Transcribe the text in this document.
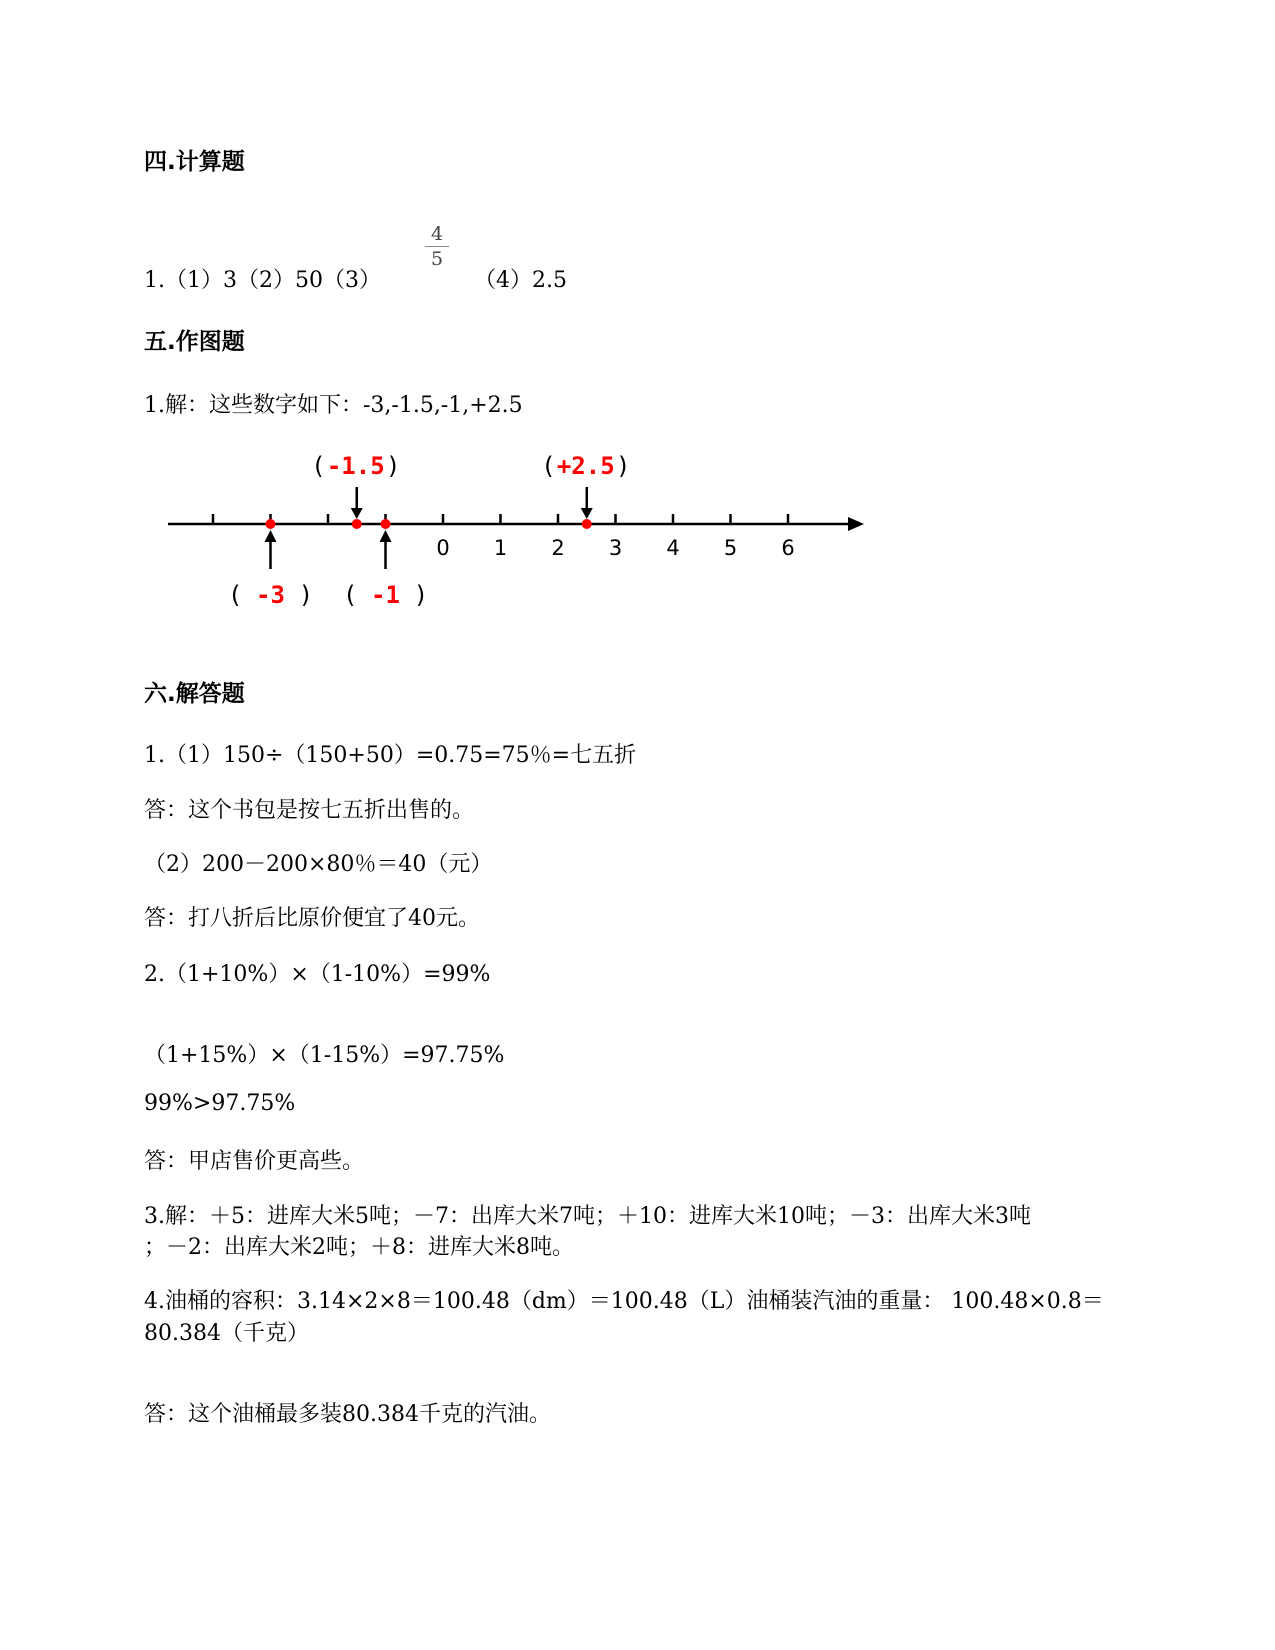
四.计算题
1.（1）3（2）50（3）
$\frac{4}{5}$
（4）2.5
五.作图题
1.解：这些数字如下：-3,-1.5,-1,+2.5
0 1 2 3 4 5 6
( -3 )
( -1.5 )
( -1 )
( +2.5 )
六.解答题
1.（1）150÷（150+50）=0.75=75％=七五折
答：这个书包是按七五折出售的。
（2）200－200×80％＝40（元）
答：打八折后比原价便宜了40元。
2.（1+10%）×（1-10%）=99%
（1+15%）×（1-15%）=97.75%
99%>97.75%
答：甲店售价更高些。
3.解：＋5：进库大米5吨；－7：出库大米7吨；＋10：进库大米10吨；－3：出库大米3吨
；－2：出库大米2吨；＋8：进库大米8吨。
4.油桶的容积：3.14×2×8＝100.48（dm）＝100.48（L）油桶装汽油的重量： 100.48×0.8＝
80.384（千克）
答：这个油桶最多装80.384千克的汽油。
